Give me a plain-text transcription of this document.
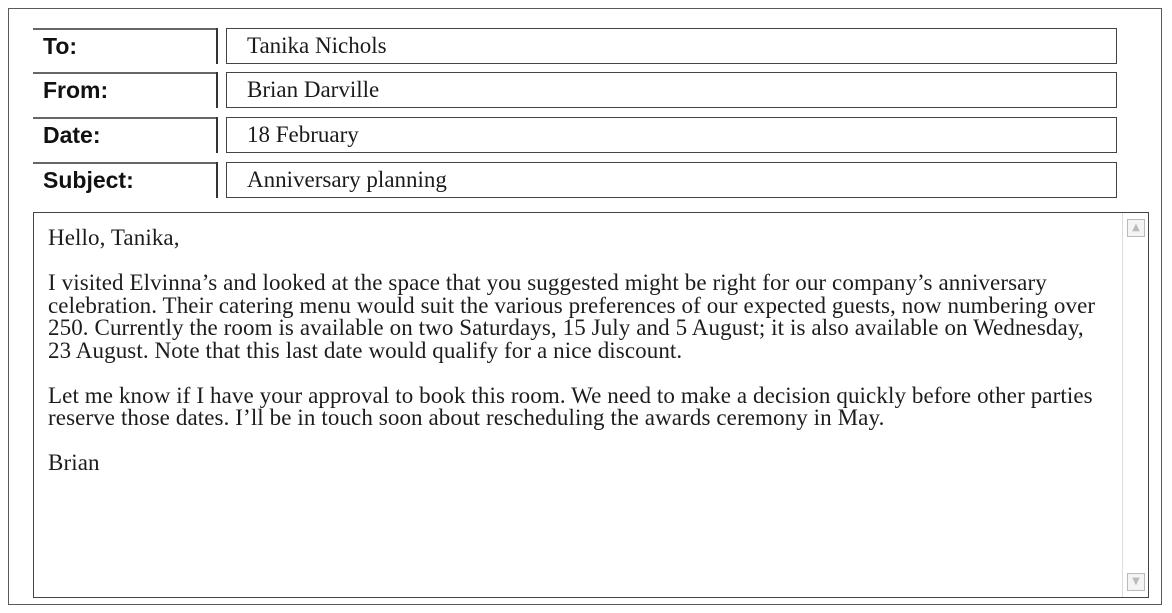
To:	Tanika Nichols
From:	Brian Darville
Date:	18 February
Subject:	Anniversary planning

Hello, Tanika,

I visited Elvinna’s and looked at the space that you suggested might be right for our company’s anniversary celebration. Their catering menu would suit the various preferences of our expected guests, now numbering over 250. Currently the room is available on two Saturdays, 15 July and 5 August; it is also available on Wednesday, 23 August. Note that this last date would qualify for a nice discount.

Let me know if I have your approval to book this room. We need to make a decision quickly before other parties reserve those dates. I’ll be in touch soon about rescheduling the awards ceremony in May.

Brian

▲
▼
